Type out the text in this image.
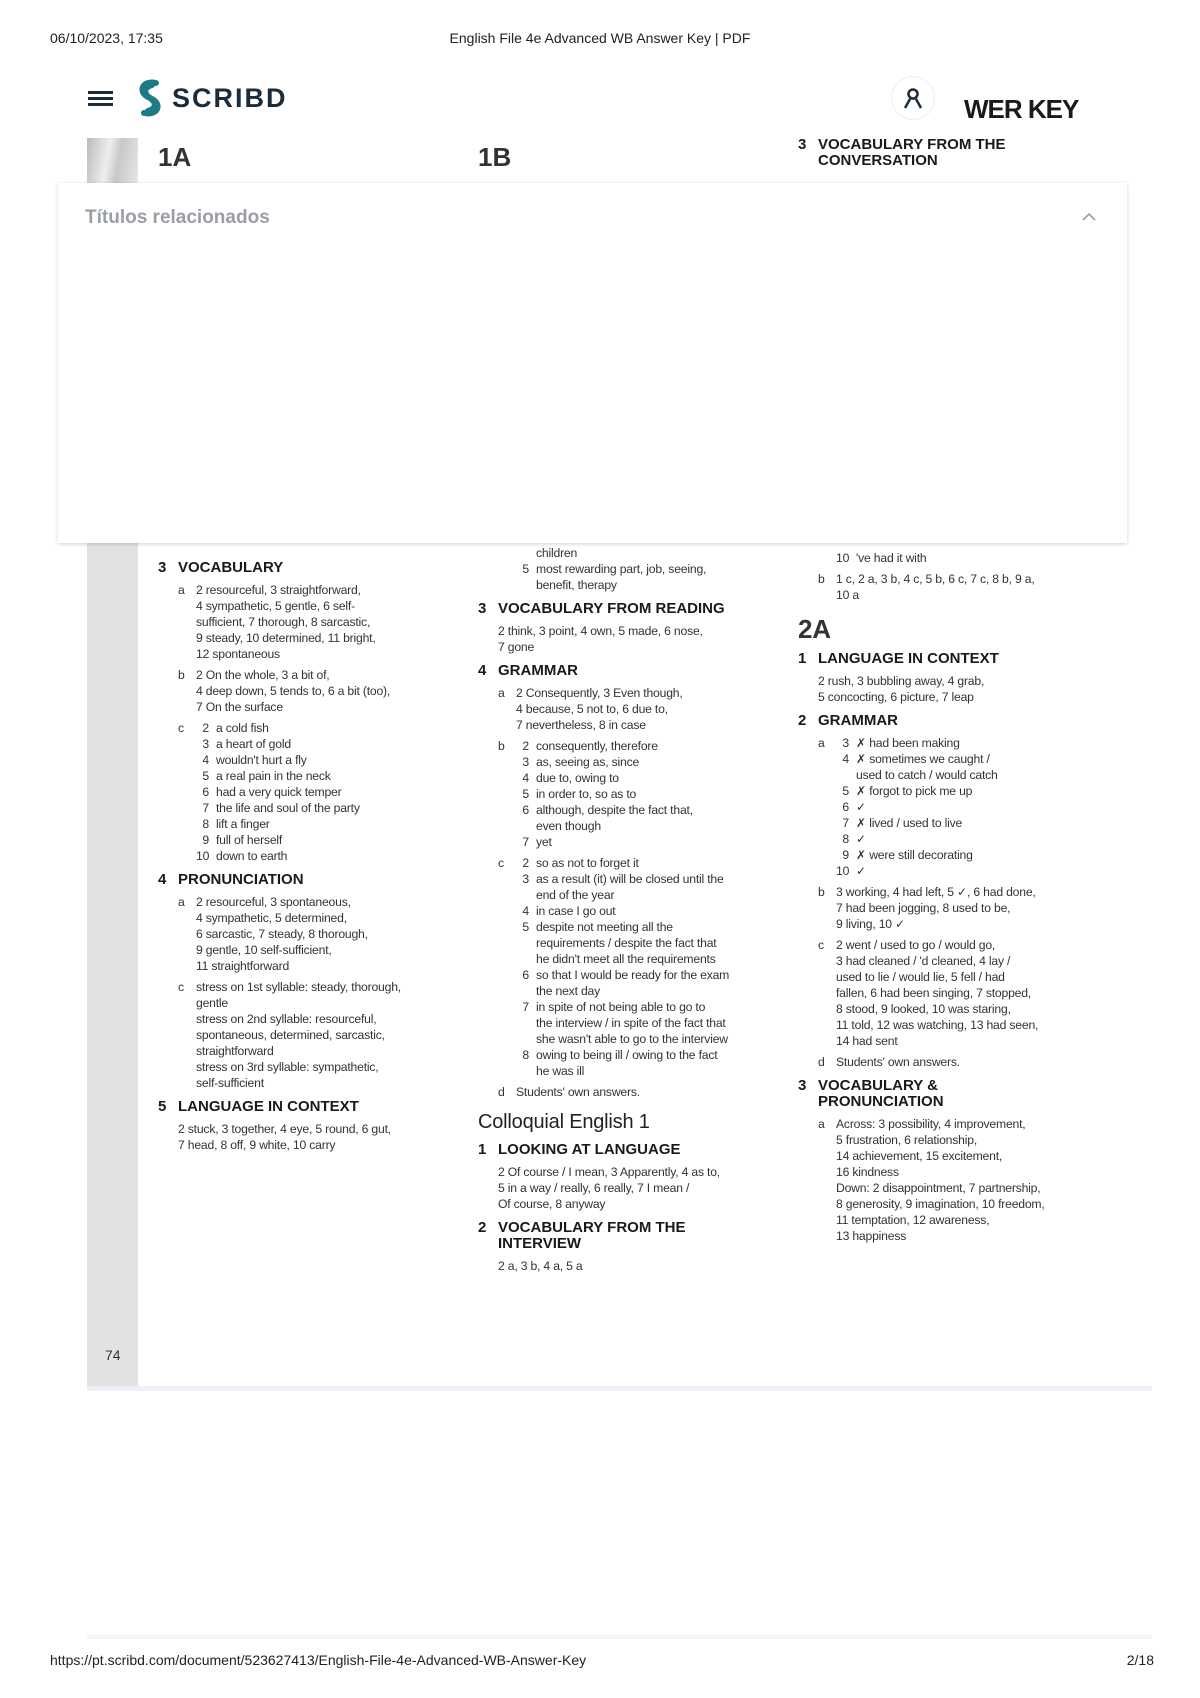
06/10/2023, 17:35	English File 4e Advanced WB Answer Key | PDF
SCRIBD	WER KEY
1A	1B	3 VOCABULARY FROM THE
CONVERSATION
Títulos relacionados
3 VOCABULARY
a 2 resourceful, 3 straightforward,
4 sympathetic, 5 gentle, 6 self-
sufficient, 7 thorough, 8 sarcastic,
9 steady, 10 determined, 11 bright,
12 spontaneous
b 2 On the whole, 3 a bit of,
4 deep down, 5 tends to, 6 a bit (too),
7 On the surface
c	2 a cold fish
3 a heart of gold
4 wouldn't hurt a fly
5 a real pain in the neck
6 had a very quick temper
7 the life and soul of the party
8 lift a finger
9 full of herself
10 down to earth
4 PRONUNCIATION
a 2 resourceful, 3 spontaneous,
4 sympathetic, 5 determined,
6 sarcastic, 7 steady, 8 thorough,
9 gentle, 10 self-sufficient,
11 straightforward
c stress on 1st syllable: steady, thorough,
gentle
stress on 2nd syllable: resourceful,
spontaneous, determined, sarcastic,
straightforward
stress on 3rd syllable: sympathetic,
self-sufficient
5 LANGUAGE IN CONTEXT
2 stuck, 3 together, 4 eye, 5 round, 6 gut,
7 head, 8 off, 9 white, 10 carry
children
5 most rewarding part, job, seeing,
benefit, therapy
3 VOCABULARY FROM READING
2 think, 3 point, 4 own, 5 made, 6 nose,
7 gone
4 GRAMMAR
a 2 Consequently, 3 Even though,
4 because, 5 not to, 6 due to,
7 nevertheless, 8 in case
b	2 consequently, therefore
3 as, seeing as, since
4 due to, owing to
5 in order to, so as to
6 although, despite the fact that,
even though
7 yet
c	2 so as not to forget it
3 as a result (it) will be closed until the
end of the year
4 in case I go out
5 despite not meeting all the
requirements / despite the fact that
he didn't meet all the requirements
6 so that I would be ready for the exam
the next day
7 in spite of not being able to go to
the interview / in spite of the fact that
she wasn't able to go to the interview
8 owing to being ill / owing to the fact
he was ill
d Students' own answers.
Colloquial English 1
1 LOOKING AT LANGUAGE
2 Of course / I mean, 3 Apparently, 4 as to,
5 in a way / really, 6 really, 7 I mean /
Of course, 8 anyway
2 VOCABULARY FROM THE
INTERVIEW
2 a, 3 b, 4 a, 5 a
10 've had it with
b 1 c, 2 a, 3 b, 4 c, 5 b, 6 c, 7 c, 8 b, 9 a,
10 a
2A
1 LANGUAGE IN CONTEXT
2 rush, 3 bubbling away, 4 grab,
5 concocting, 6 picture, 7 leap
2 GRAMMAR
a	3 ✗ had been making
4 ✗ sometimes we caught /
used to catch / would catch
5 ✗ forgot to pick me up
6 ✓
7 ✗ lived / used to live
8 ✓
9 ✗ were still decorating
10 ✓
b 3 working, 4 had left, 5 ✓, 6 had done,
7 had been jogging, 8 used to be,
9 living, 10 ✓
c 2 went / used to go / would go,
3 had cleaned / 'd cleaned, 4 lay /
used to lie / would lie, 5 fell / had
fallen, 6 had been singing, 7 stopped,
8 stood, 9 looked, 10 was staring,
11 told, 12 was watching, 13 had seen,
14 had sent
d Students' own answers.
3 VOCABULARY &
PRONUNCIATION
a Across: 3 possibility, 4 improvement,
5 frustration, 6 relationship,
14 achievement, 15 excitement,
16 kindness
Down: 2 disappointment, 7 partnership,
8 generosity, 9 imagination, 10 freedom,
11 temptation, 12 awareness,
13 happiness
74
https://pt.scribd.com/document/523627413/English-File-4e-Advanced-WB-Answer-Key	2/18
